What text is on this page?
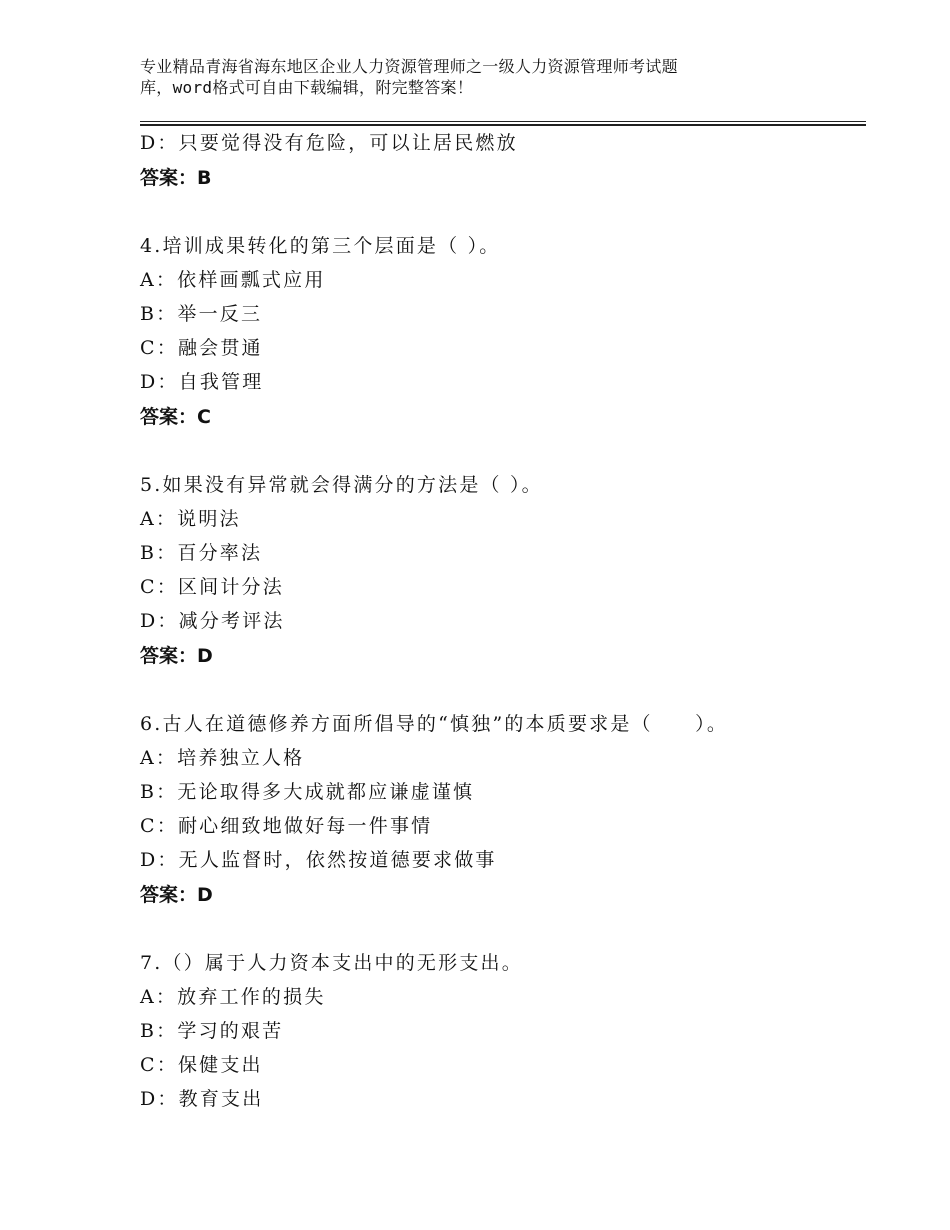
专业精品青海省海东地区企业人力资源管理师之一级人力资源管理师考试题
库，word格式可自由下载编辑，附完整答案！
D：只要觉得没有危险，可以让居民燃放
答案：B
4.培训成果转化的第三个层面是（ ）。
A：依样画瓢式应用
B：举一反三
C：融会贯通
D：自我管理
答案：C
5.如果没有异常就会得满分的方法是（ ）。
A：说明法
B：百分率法
C：区间计分法
D：减分考评法
答案：D
6.古人在道德修养方面所倡导的“慎独”的本质要求是（　　）。
A：培养独立人格
B：无论取得多大成就都应谦虚谨慎
C：耐心细致地做好每一件事情
D：无人监督时，依然按道德要求做事
答案：D
7.（）属于人力资本支出中的无形支出。
A：放弃工作的损失
B：学习的艰苦
C：保健支出
D：教育支出
